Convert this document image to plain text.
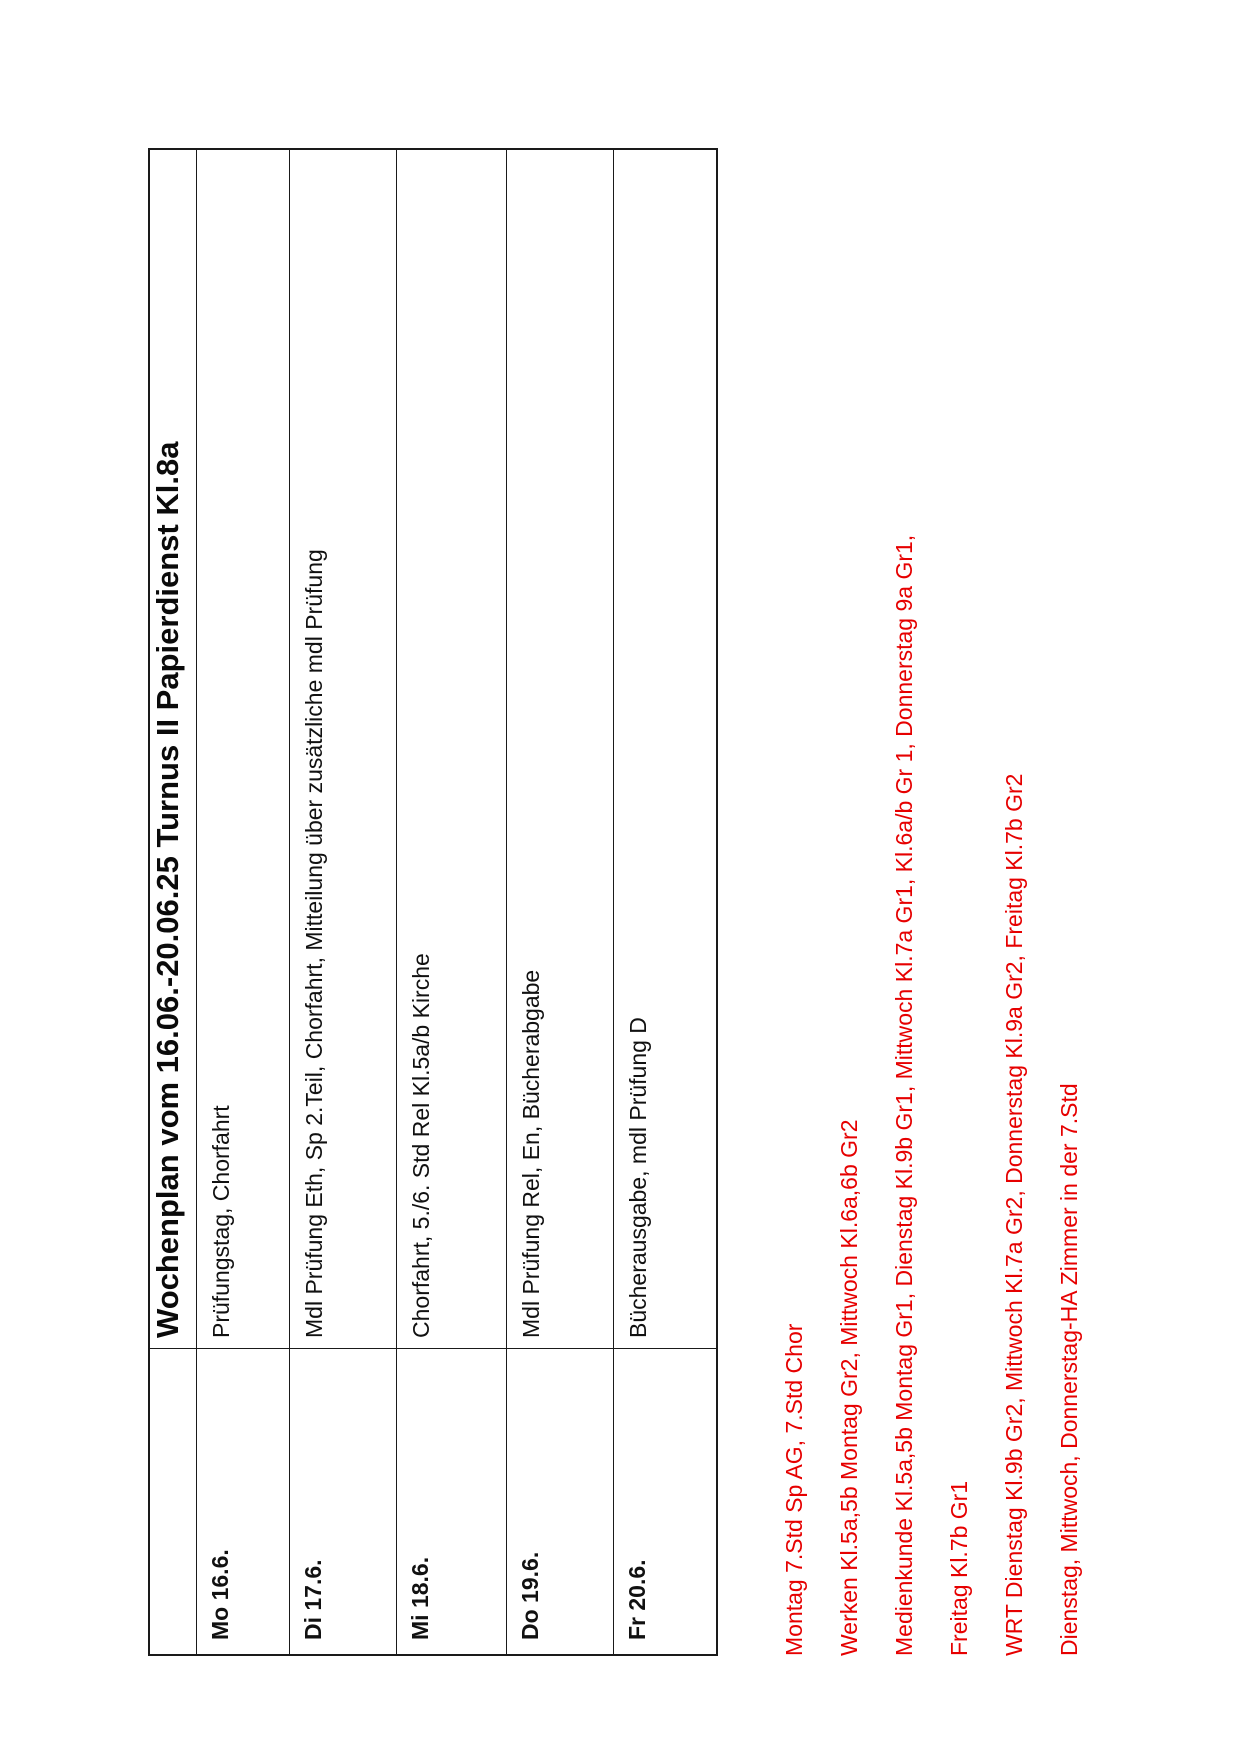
Wochenplan vom 16.06.-20.06.25 Turnus II Papierdienst Kl.8a
Mo 16.6.
Prüfungstag, Chorfahrt
Di 17.6.
Mdl Prüfung Eth, Sp 2.Teil, Chorfahrt, Mitteilung über zusätzliche mdl Prüfung
Mi 18.6.
Chorfahrt, 5./6. Std Rel Kl.5a/b Kirche
Do 19.6.
Mdl Prüfung Rel, En, Bücherabgabe
Fr 20.6.
Bücherausgabe, mdl Prüfung D
Montag 7.Std Sp AG, 7.Std Chor	Werken Kl.5a,5b Montag Gr2, Mittwoch Kl.6a,6b Gr2	Medienkunde Kl.5a,5b Montag Gr1, Dienstag Kl.9b Gr1, Mittwoch Kl.7a Gr1, Kl.6a/b Gr 1, Donnerstag 9a Gr1,	Freitag Kl.7b Gr1	WRT Dienstag Kl.9b Gr2, Mittwoch Kl.7a Gr2, Donnerstag Kl.9a Gr2, Freitag Kl.7b Gr2	Dienstag, Mittwoch, Donnerstag-HA Zimmer in der 7.Std
